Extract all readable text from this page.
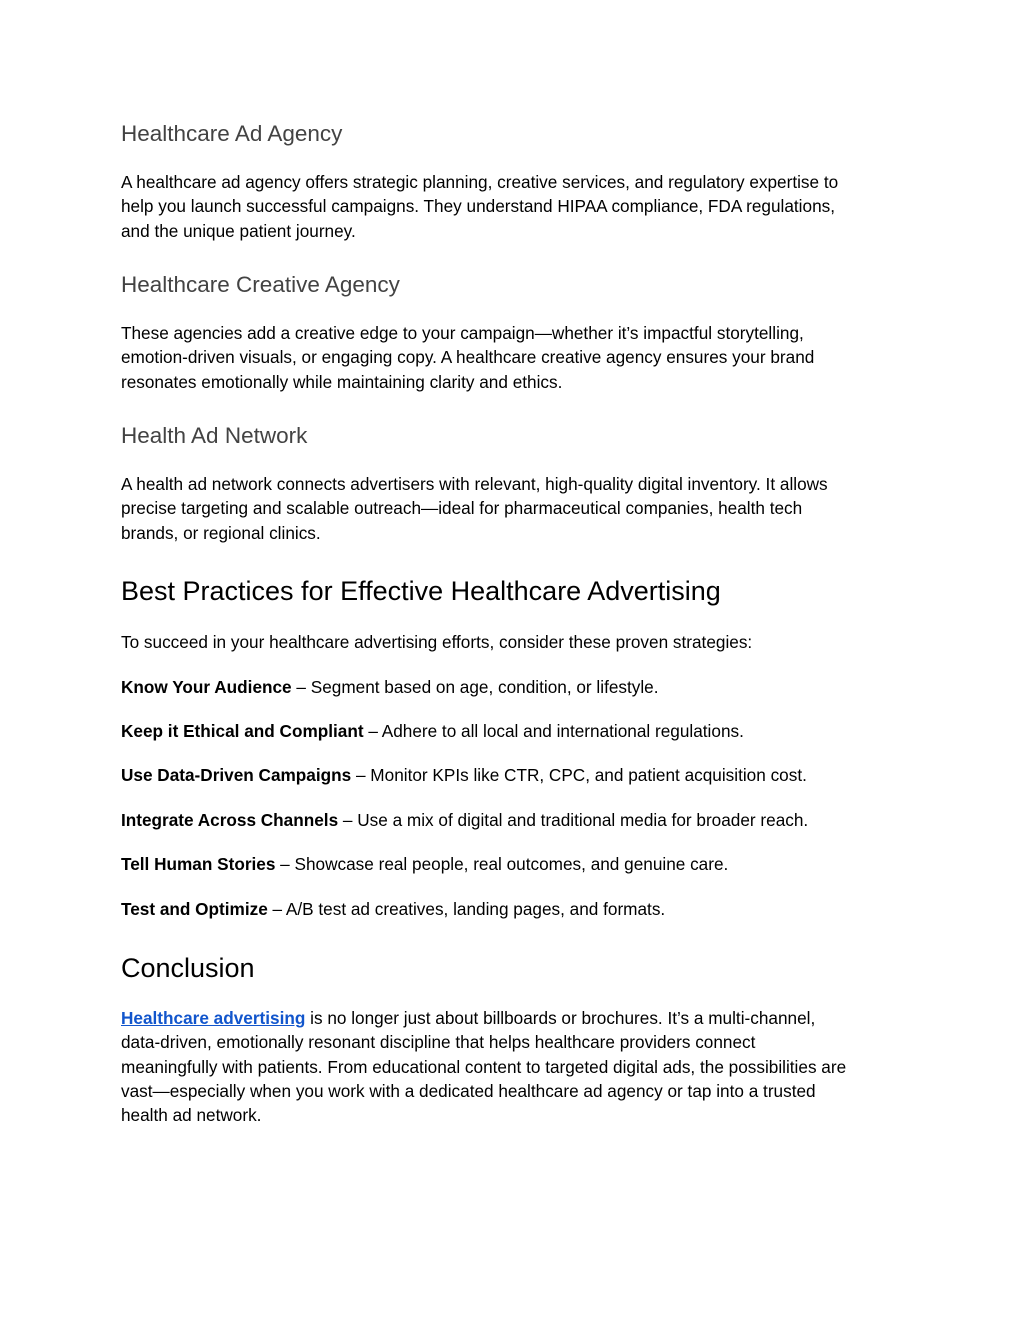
Healthcare Ad Agency

A healthcare ad agency offers strategic planning, creative services, and regulatory expertise to
help you launch successful campaigns. They understand HIPAA compliance, FDA regulations,
and the unique patient journey.

Healthcare Creative Agency

These agencies add a creative edge to your campaign—whether it’s impactful storytelling,
emotion-driven visuals, or engaging copy. A healthcare creative agency ensures your brand
resonates emotionally while maintaining clarity and ethics.

Health Ad Network

A health ad network connects advertisers with relevant, high-quality digital inventory. It allows
precise targeting and scalable outreach—ideal for pharmaceutical companies, health tech
brands, or regional clinics.

Best Practices for Effective Healthcare Advertising

To succeed in your healthcare advertising efforts, consider these proven strategies:

Know Your Audience – Segment based on age, condition, or lifestyle.

Keep it Ethical and Compliant – Adhere to all local and international regulations.

Use Data-Driven Campaigns – Monitor KPIs like CTR, CPC, and patient acquisition cost.

Integrate Across Channels – Use a mix of digital and traditional media for broader reach.

Tell Human Stories – Showcase real people, real outcomes, and genuine care.

Test and Optimize – A/B test ad creatives, landing pages, and formats.

Conclusion

Healthcare advertising is no longer just about billboards or brochures. It’s a multi-channel,
data-driven, emotionally resonant discipline that helps healthcare providers connect
meaningfully with patients. From educational content to targeted digital ads, the possibilities are
vast—especially when you work with a dedicated healthcare ad agency or tap into a trusted
health ad network.
